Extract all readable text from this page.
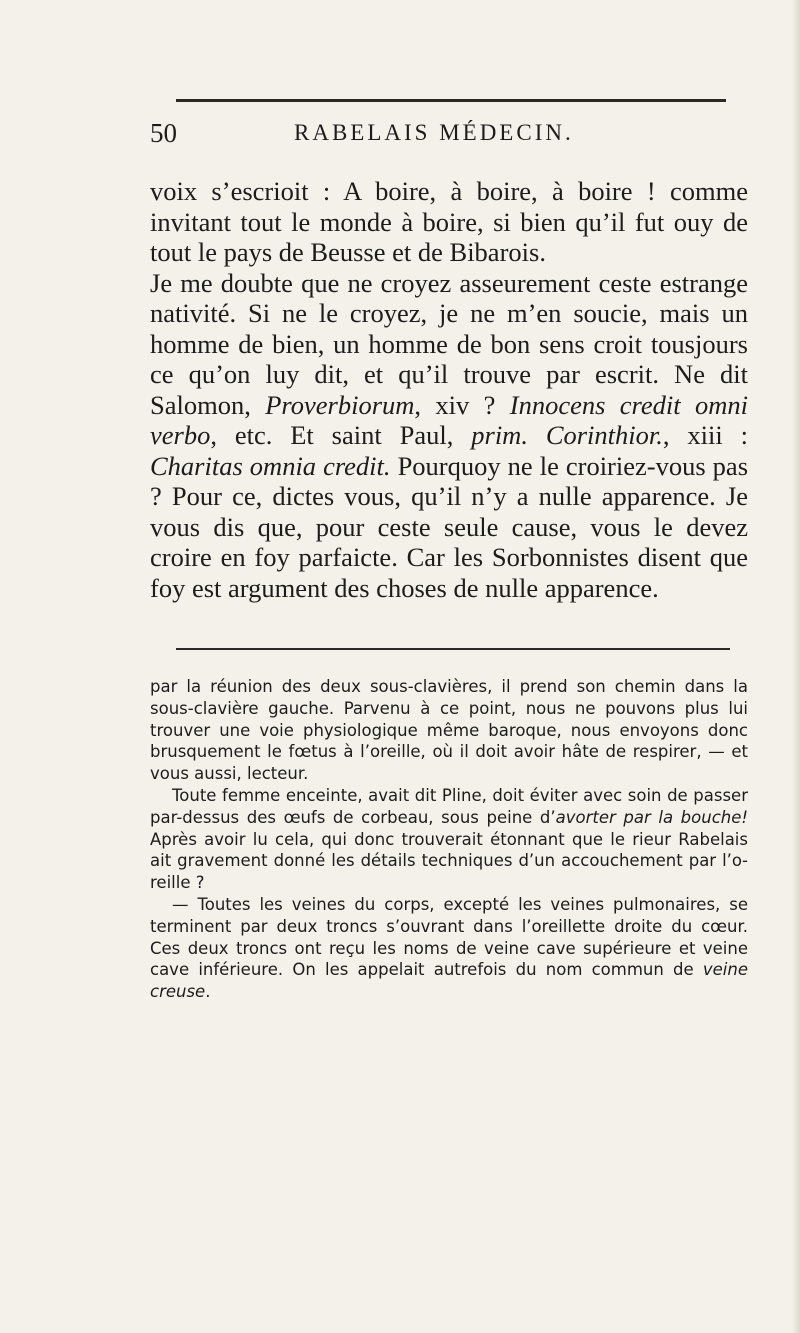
50	RABELAIS MÉDECIN.

voix s’escrioit : A boire, à boire, à boire ! comme invitant tout le monde à boire, si bien qu’il fut ouy de tout le pays de Beusse et de Bibarois.

Je me doubte que ne croyez asseurement ceste estrange nativité. Si ne le croyez, je ne m’en soucie, mais un homme de bien, un homme de bon sens croit tousjours ce qu’on luy dit, et qu’il trouve par escrit. Ne dit Salomon, Proverbiorum, xiv ? Innocens credit omni verbo, etc. Et saint Paul, prim. Corinthior., xiii : Charitas omnia credit. Pourquoy ne le croiriez-vous pas ? Pour ce, dictes vous, qu’il n’y a nulle apparence. Je vous dis que, pour ceste seule cause, vous le devez croire en foy parfaicte. Car les Sorbonnistes disent que foy est argument des choses de nulle apparence.

par la réunion des deux sous-clavières, il prend son chemin dans la sous-clavière gauche. Parvenu à ce point, nous ne pouvons plus lui trouver une voie physiologique même baroque, nous envoyons donc brusquement le fœtus à l’oreille, où il doit avoir hâte de respirer, — et vous aussi, lecteur.

Toute femme enceinte, avait dit Pline, doit éviter avec soin de passer par-dessus des œufs de corbeau, sous peine d’avorter par la bouche! Après avoir lu cela, qui donc trouverait étonnant que le rieur Rabelais ait gravement donné les détails techniques d’un accouchement par l’oreille ?

— Toutes les veines du corps, excepté les veines pulmonaires, se terminent par deux troncs s’ouvrant dans l’oreillette droite du cœur. Ces deux troncs ont reçu les noms de veine cave supérieure et veine cave inférieure. On les appelait autrefois du nom commun de veine creuse.
